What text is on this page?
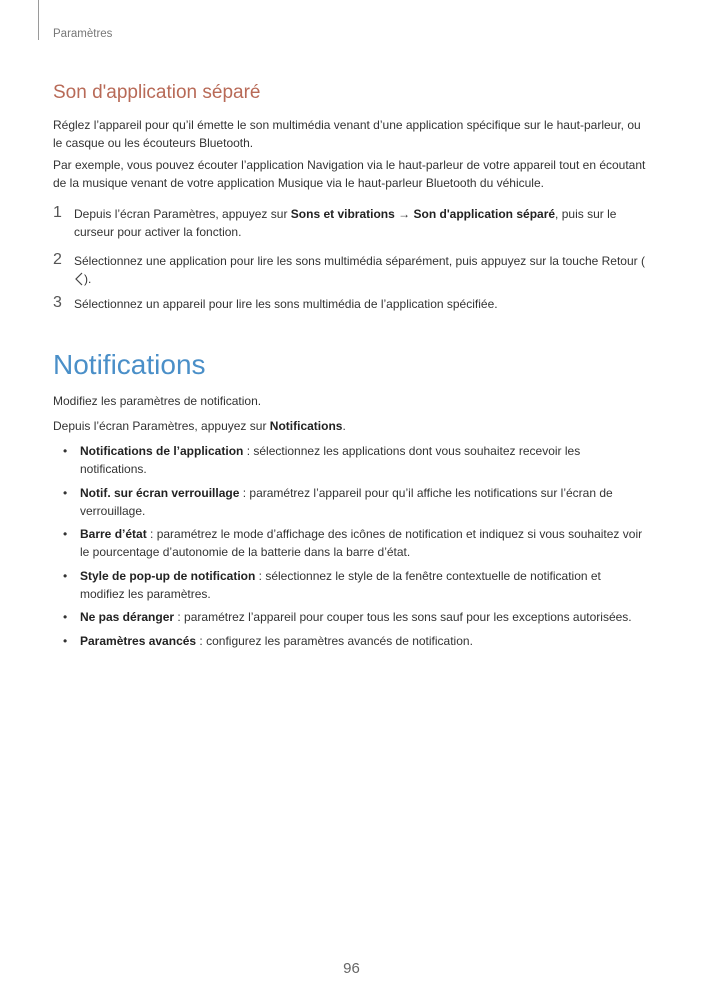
Paramètres
Son d'application séparé

Réglez l’appareil pour qu’il émette le son multimédia venant d’une application spécifique sur le haut-parleur, ou le casque ou les écouteurs Bluetooth.

Par exemple, vous pouvez écouter l’application Navigation via le haut-parleur de votre appareil tout en écoutant de la musique venant de votre application Musique via le haut-parleur Bluetooth du véhicule.

1 Depuis l’écran Paramètres, appuyez sur Sons et vibrations → Son d'application séparé, puis sur le curseur pour activer la fonction.
2 Sélectionnez une application pour lire les sons multimédia séparément, puis appuyez sur la touche Retour ().
3 Sélectionnez un appareil pour lire les sons multimédia de l’application spécifiée.
Notifications

Modifiez les paramètres de notification.

Depuis l’écran Paramètres, appuyez sur Notifications.

• Notifications de l’application : sélectionnez les applications dont vous souhaitez recevoir les notifications.
• Notif. sur écran verrouillage : paramétrez l’appareil pour qu’il affiche les notifications sur l’écran de verrouillage.
• Barre d’état : paramétrez le mode d’affichage des icônes de notification et indiquez si vous souhaitez voir le pourcentage d’autonomie de la batterie dans la barre d’état.
• Style de pop-up de notification : sélectionnez le style de la fenêtre contextuelle de notification et modifiez les paramètres.
• Ne pas déranger : paramétrez l’appareil pour couper tous les sons sauf pour les exceptions autorisées.
• Paramètres avancés : configurez les paramètres avancés de notification.
96
